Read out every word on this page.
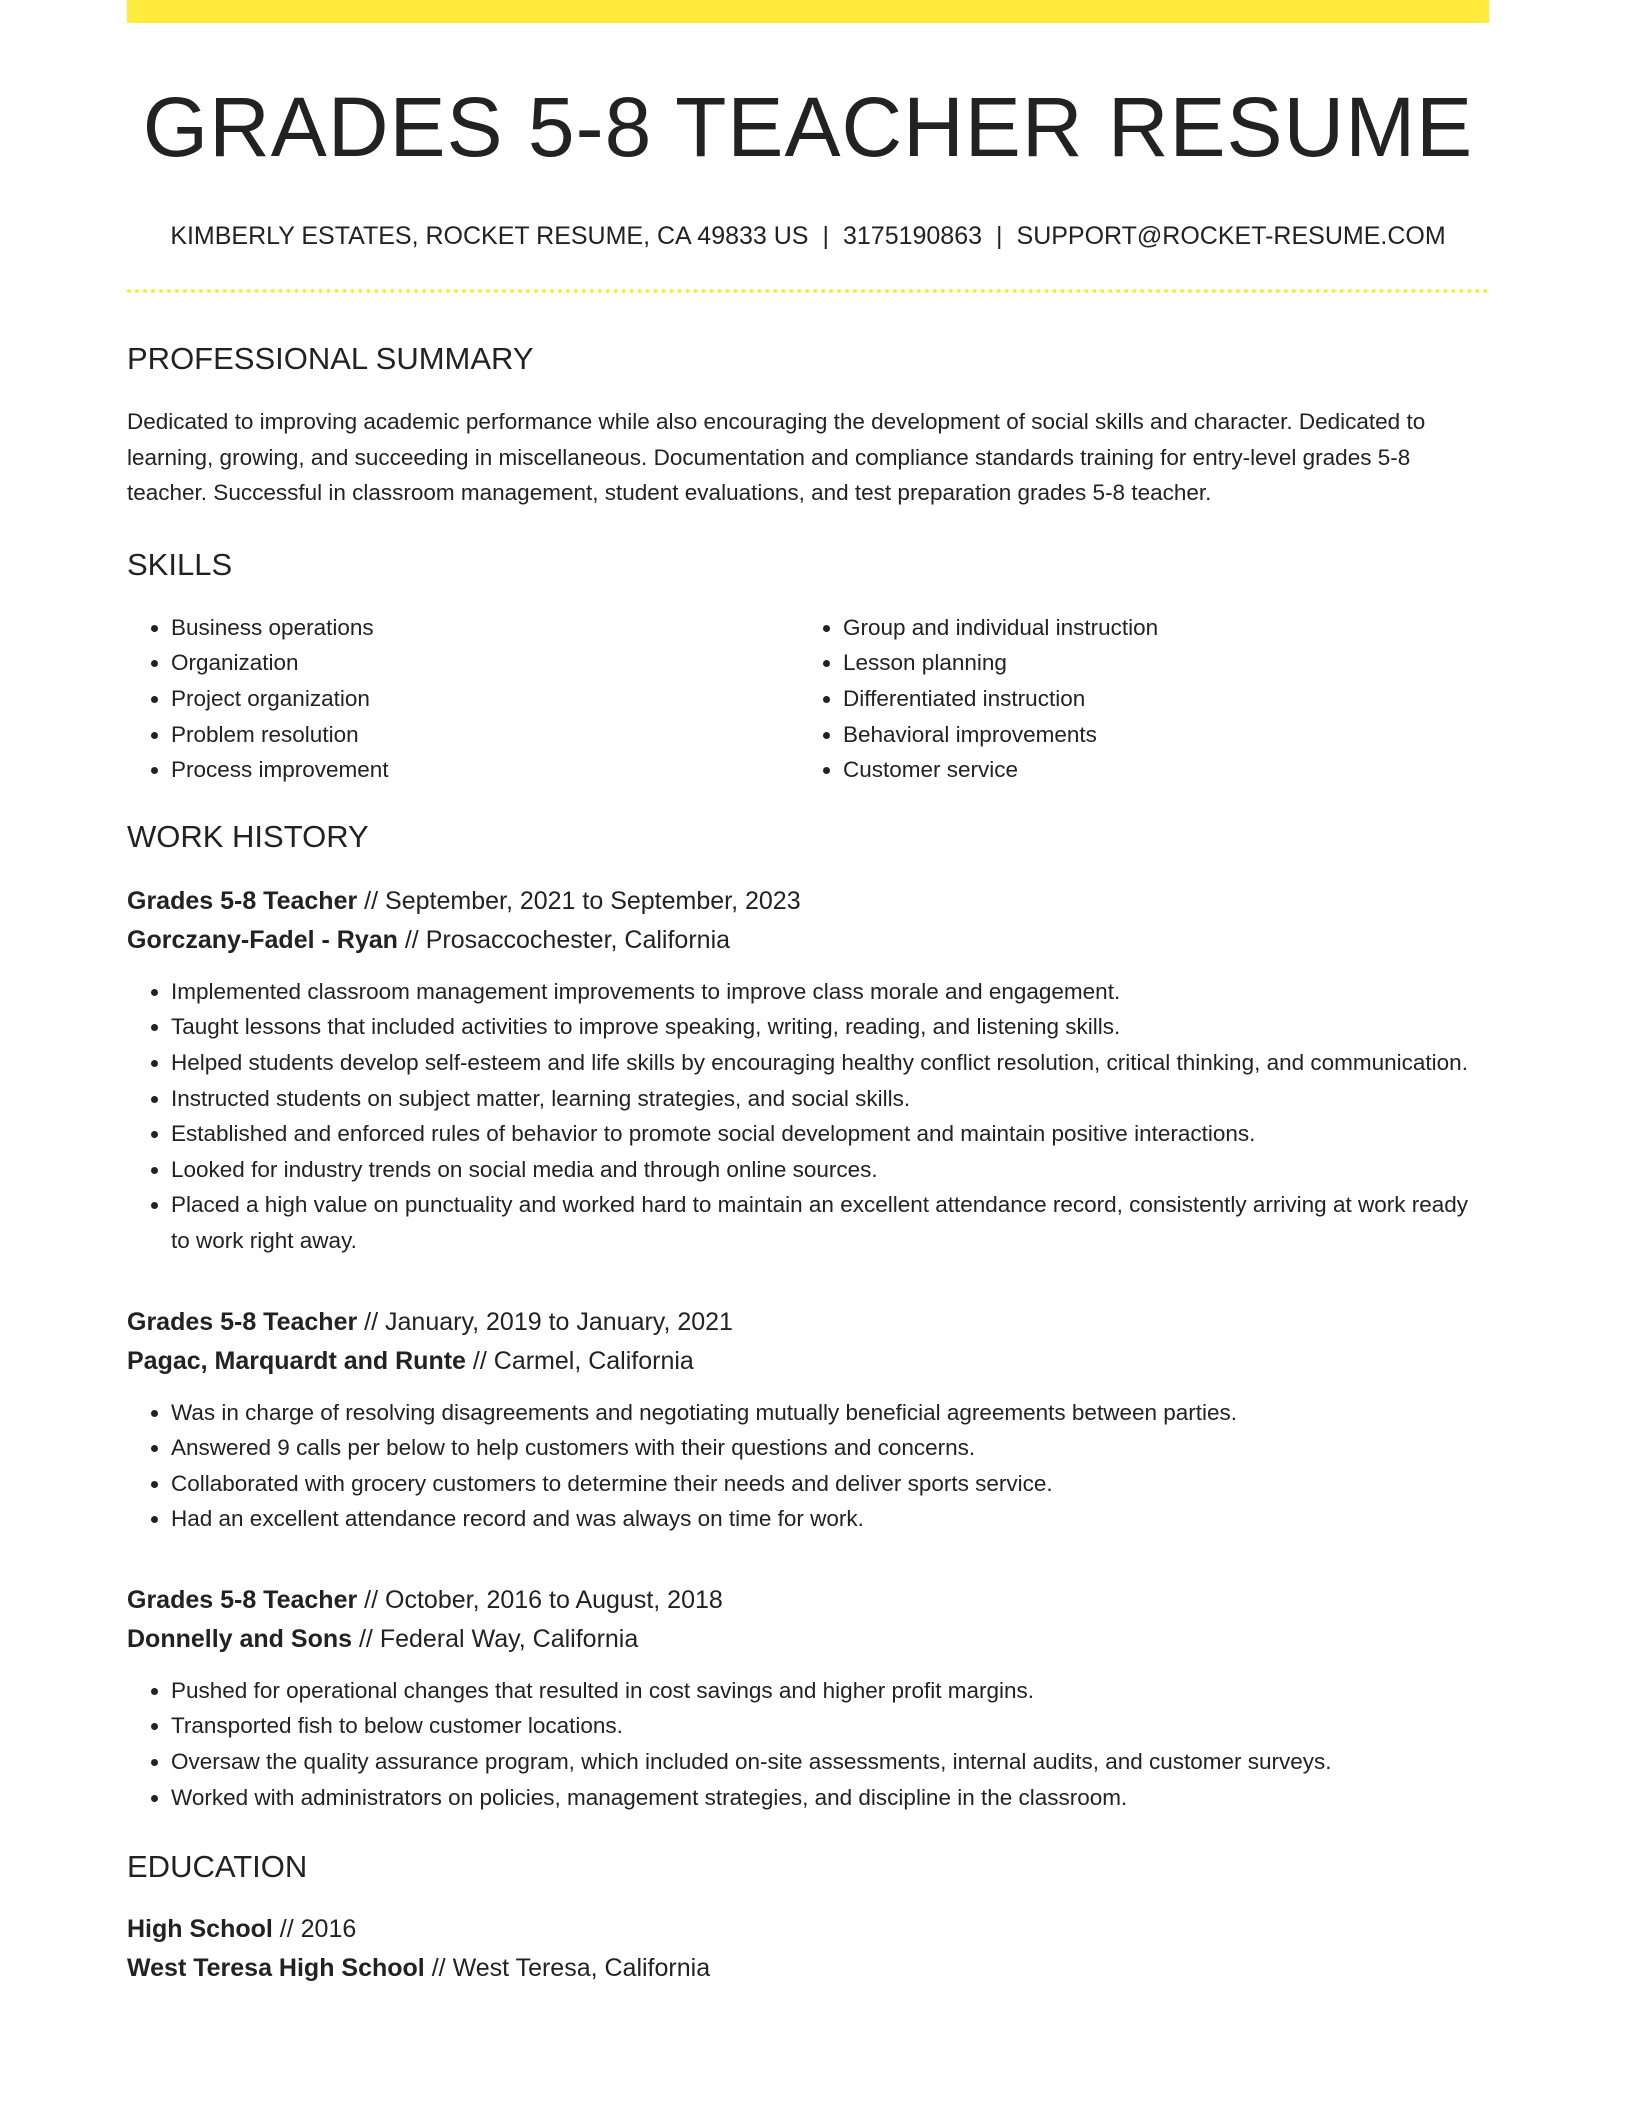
GRADES 5-8 TEACHER RESUME
KIMBERLY ESTATES, ROCKET RESUME, CA 49833 US | 3175190863 | SUPPORT@ROCKET-RESUME.COM
PROFESSIONAL SUMMARY

Dedicated to improving academic performance while also encouraging the development of social skills and character. Dedicated to learning, growing, and succeeding in miscellaneous. Documentation and compliance standards training for entry-level grades 5-8 teacher. Successful in classroom management, student evaluations, and test preparation grades 5-8 teacher.

SKILLS
• Business operations
• Organization
• Project organization
• Problem resolution
• Process improvement
• Group and individual instruction
• Lesson planning
• Differentiated instruction
• Behavioral improvements
• Customer service
WORK HISTORY
Grades 5-8 Teacher // September, 2021 to September, 2023
Gorczany-Fadel - Ryan // Prosaccochester, California
• Implemented classroom management improvements to improve class morale and engagement.
• Taught lessons that included activities to improve speaking, writing, reading, and listening skills.
• Helped students develop self-esteem and life skills by encouraging healthy conflict resolution, critical thinking, and communication.
• Instructed students on subject matter, learning strategies, and social skills.
• Established and enforced rules of behavior to promote social development and maintain positive interactions.
• Looked for industry trends on social media and through online sources.
• Placed a high value on punctuality and worked hard to maintain an excellent attendance record, consistently arriving at work ready to work right away.
Grades 5-8 Teacher // January, 2019 to January, 2021
Pagac, Marquardt and Runte // Carmel, California
• Was in charge of resolving disagreements and negotiating mutually beneficial agreements between parties.
• Answered 9 calls per below to help customers with their questions and concerns.
• Collaborated with grocery customers to determine their needs and deliver sports service.
• Had an excellent attendance record and was always on time for work.
Grades 5-8 Teacher // October, 2016 to August, 2018
Donnelly and Sons // Federal Way, California
• Pushed for operational changes that resulted in cost savings and higher profit margins.
• Transported fish to below customer locations.
• Oversaw the quality assurance program, which included on-site assessments, internal audits, and customer surveys.
• Worked with administrators on policies, management strategies, and discipline in the classroom.
EDUCATION
High School // 2016
West Teresa High School // West Teresa, California
